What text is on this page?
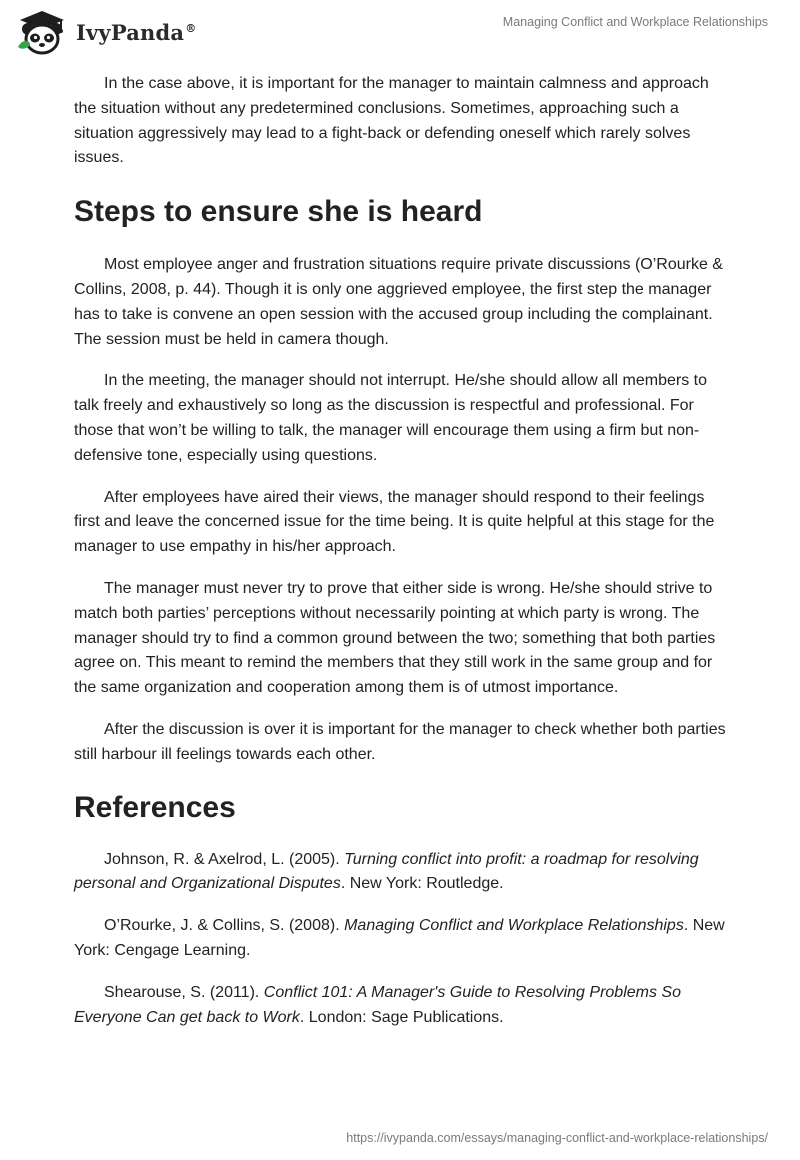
IvyPanda®	Managing Conflict and Workplace Relationships

In the case above, it is important for the manager to maintain calmness and approach the situation without any predetermined conclusions. Sometimes, approaching such a situation aggressively may lead to a fight-back or defending oneself which rarely solves issues.

Steps to ensure she is heard

Most employee anger and frustration situations require private discussions (O’Rourke & Collins, 2008, p. 44). Though it is only one aggrieved employee, the first step the manager has to take is convene an open session with the accused group including the complainant. The session must be held in camera though.

In the meeting, the manager should not interrupt. He/she should allow all members to talk freely and exhaustively so long as the discussion is respectful and professional. For those that won’t be willing to talk, the manager will encourage them using a firm but non-defensive tone, especially using questions.

After employees have aired their views, the manager should respond to their feelings first and leave the concerned issue for the time being. It is quite helpful at this stage for the manager to use empathy in his/her approach.

The manager must never try to prove that either side is wrong. He/she should strive to match both parties’ perceptions without necessarily pointing at which party is wrong. The manager should try to find a common ground between the two; something that both parties agree on. This meant to remind the members that they still work in the same group and for the same organization and cooperation among them is of utmost importance.

After the discussion is over it is important for the manager to check whether both parties still harbour ill feelings towards each other.

References

Johnson, R. & Axelrod, L. (2005). Turning conflict into profit: a roadmap for resolving personal and Organizational Disputes. New York: Routledge.

O’Rourke, J. & Collins, S. (2008). Managing Conflict and Workplace Relationships. New York: Cengage Learning.

Shearouse, S. (2011). Conflict 101: A Manager's Guide to Resolving Problems So Everyone Can get back to Work. London: Sage Publications.

https://ivypanda.com/essays/managing-conflict-and-workplace-relationships/
